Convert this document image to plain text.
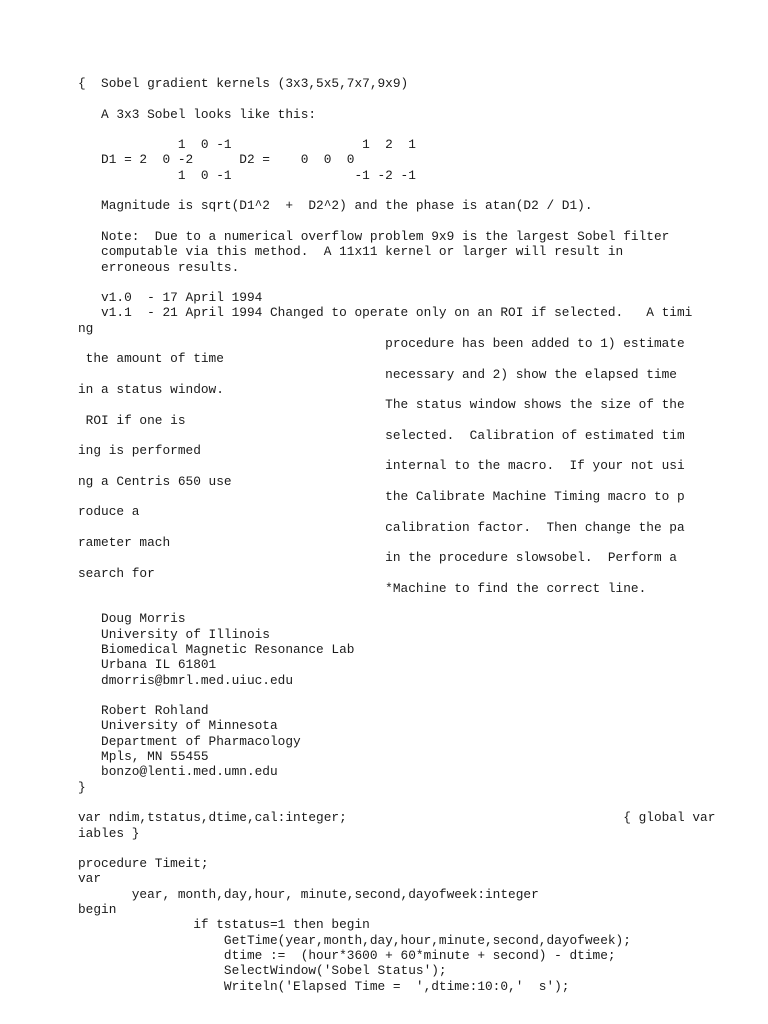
{  Sobel gradient kernels (3x3,5x5,7x7,9x9)

A 3x3 Sobel looks like this:

1  0 -1                 1  2  1
D1 = 2  0 -2      D2 =    0  0  0
1  0 -1                -1 -2 -1

Magnitude is sqrt(D1^2  +  D2^2) and the phase is atan(D2 / D1).

Note:  Due to a numerical overflow problem 9x9 is the largest Sobel filter
computable via this method.  A 11x11 kernel or larger will result in
erroneous results.

v1.0  - 17 April 1994
v1.1  - 21 April 1994 Changed to operate only on an ROI if selected.   A timi
ng
procedure has been added to 1) estimate
the amount of time
necessary and 2) show the elapsed time
in a status window.
The status window shows the size of the
ROI if one is
selected.  Calibration of estimated tim
ing is performed
internal to the macro.  If your not usi
ng a Centris 650 use
the Calibrate Machine Timing macro to p
roduce a
calibration factor.  Then change the pa
rameter mach
in the procedure slowsobel.  Perform a
search for
*Machine to find the correct line.

Doug Morris
University of Illinois
Biomedical Magnetic Resonance Lab
Urbana IL 61801
dmorris@bmrl.med.uiuc.edu

Robert Rohland
University of Minnesota
Department of Pharmacology
Mpls, MN 55455
bonzo@lenti.med.umn.edu
}

var ndim,tstatus,dtime,cal:integer;                                    { global var
iables }

procedure Timeit;
var
year, month,day,hour, minute,second,dayofweek:integer
begin
if tstatus=1 then begin
GetTime(year,month,day,hour,minute,second,dayofweek);
dtime :=  (hour*3600 + 60*minute + second) - dtime;
SelectWindow('Sobel Status');
Writeln('Elapsed Time =  ',dtime:10:0,'  s');
